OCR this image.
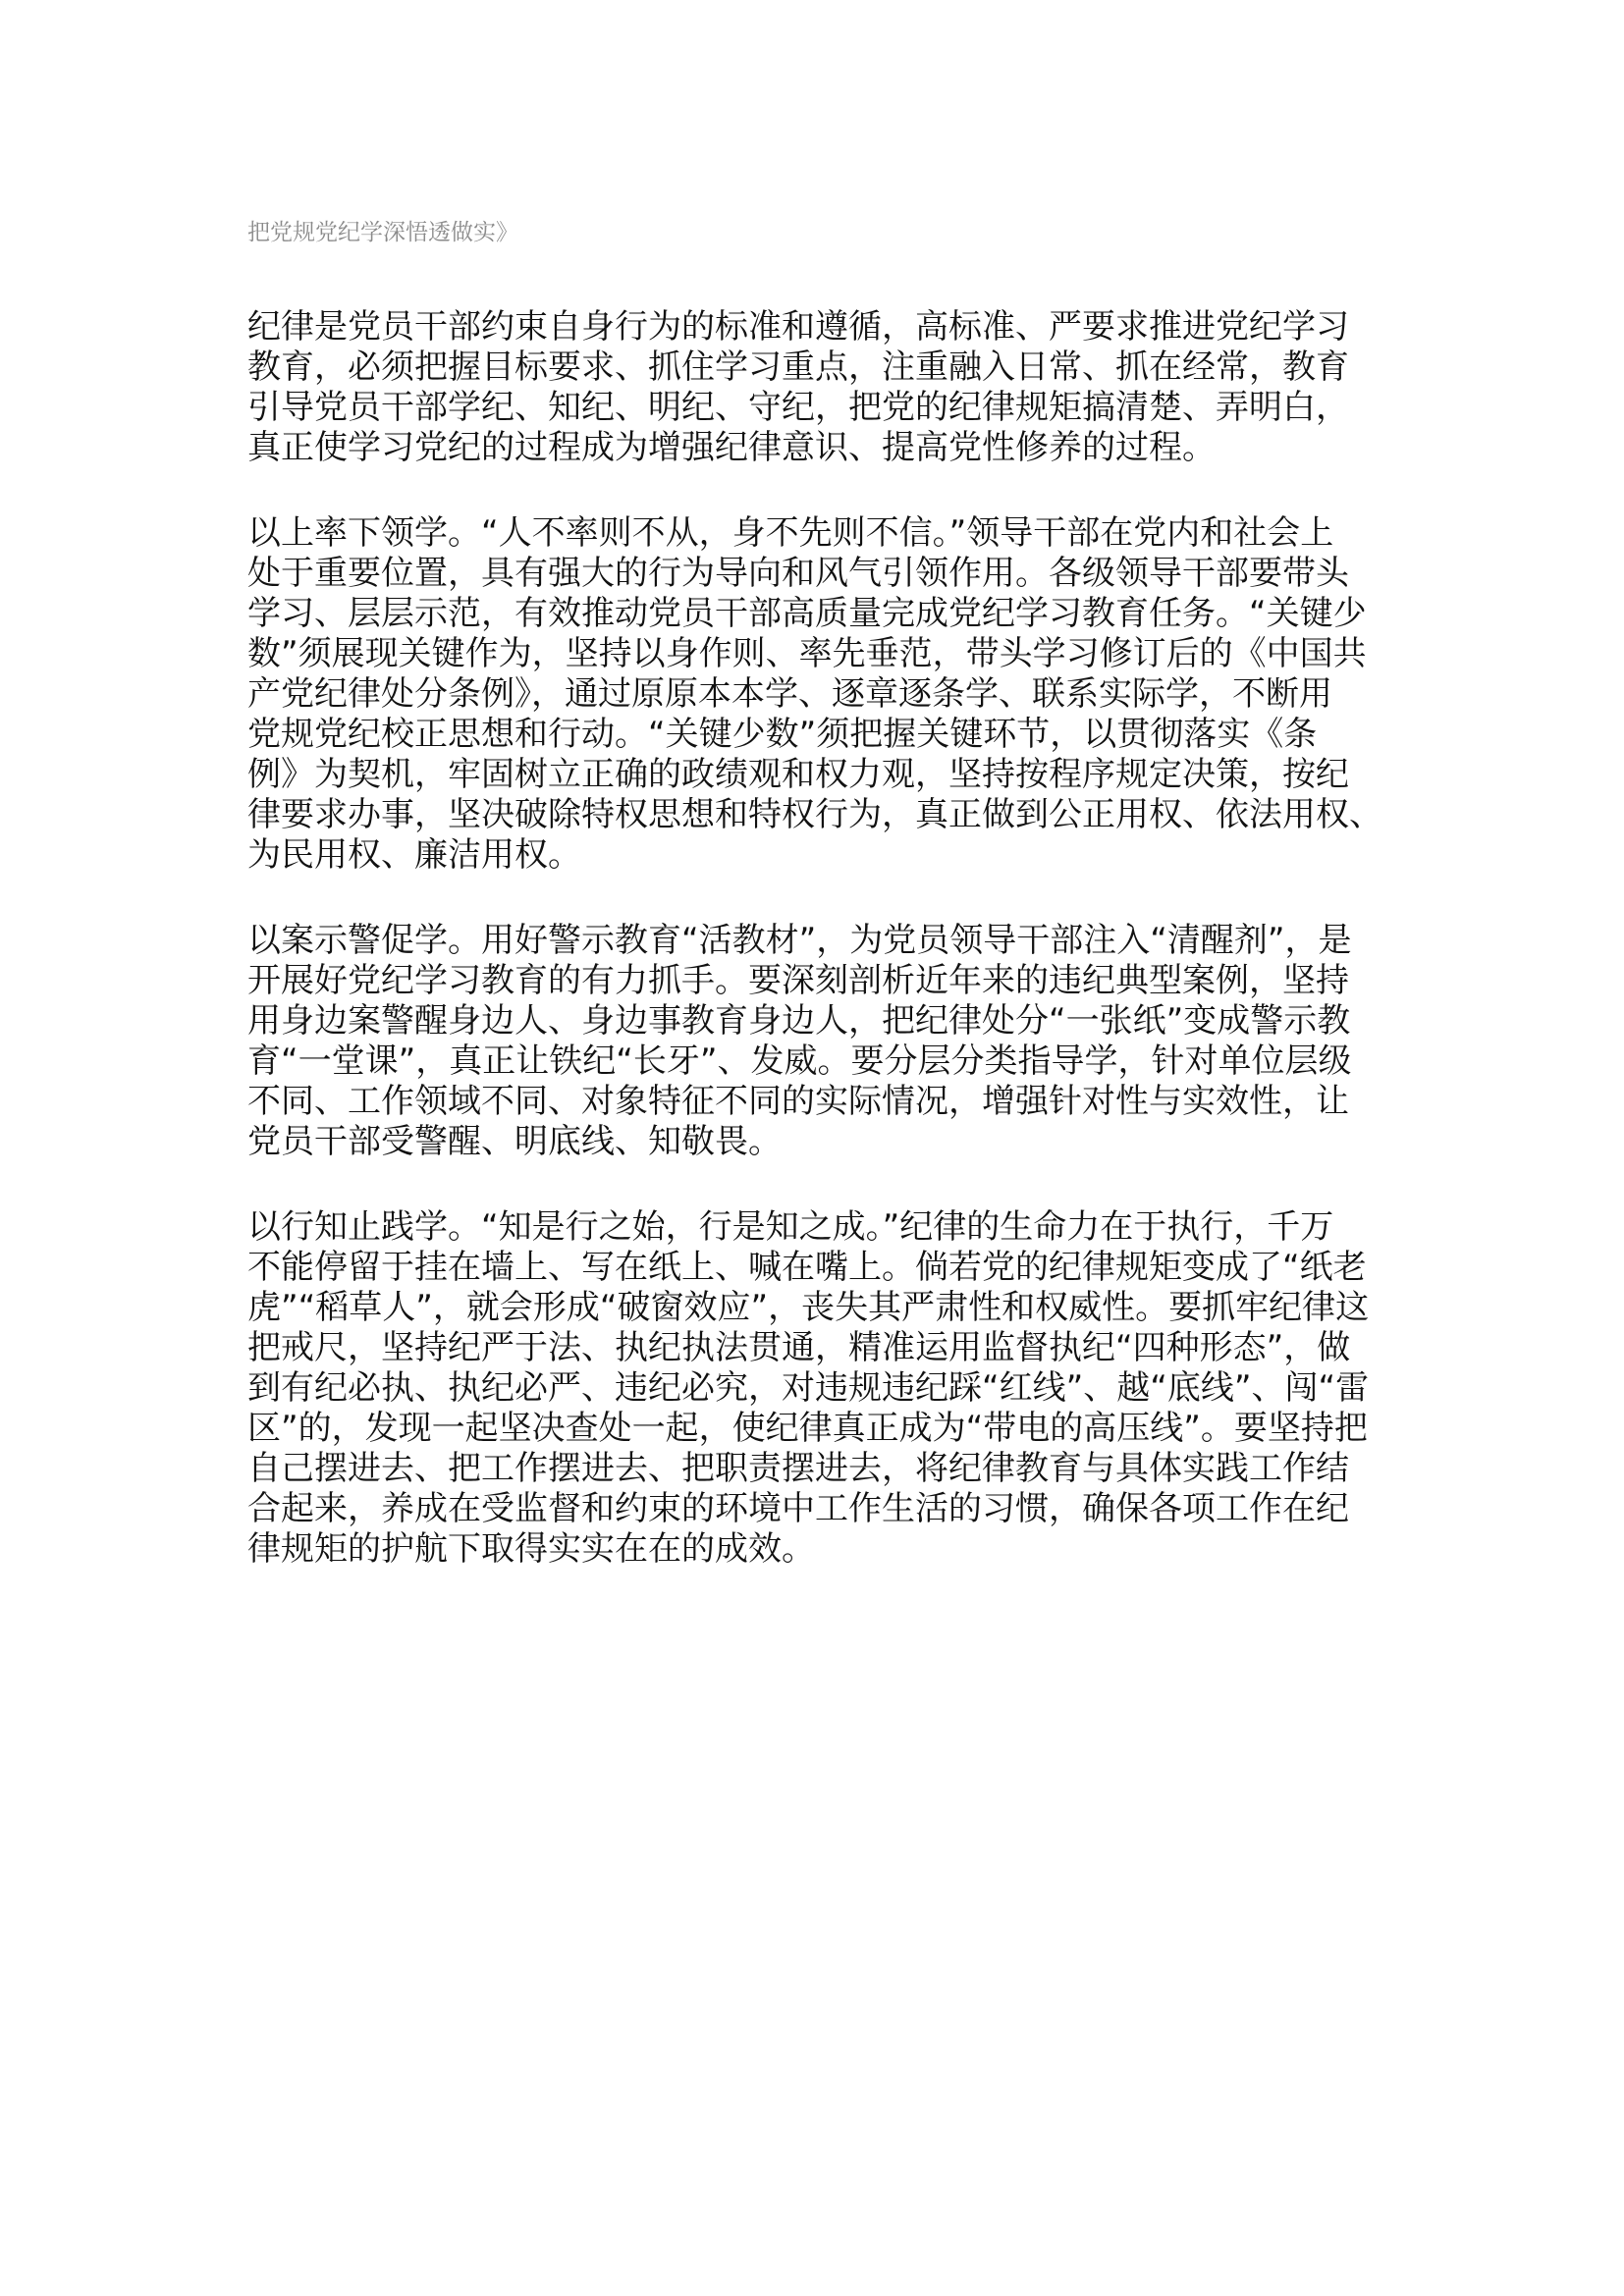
把党规党纪学深悟透做实》

纪律是党员干部约束自身行为的标准和遵循，高标准、严要求推进党纪学习
教育，必须把握目标要求、抓住学习重点，注重融入日常、抓在经常，教育
引导党员干部学纪、知纪、明纪、守纪，把党的纪律规矩搞清楚、弄明白，
真正使学习党纪的过程成为增强纪律意识、提高党性修养的过程。

以上率下领学。“人不率则不从，身不先则不信。”领导干部在党内和社会上
处于重要位置，具有强大的行为导向和风气引领作用。各级领导干部要带头
学习、层层示范，有效推动党员干部高质量完成党纪学习教育任务。“关键少
数”须展现关键作为，坚持以身作则、率先垂范，带头学习修订后的《中国共
产党纪律处分条例》，通过原原本本学、逐章逐条学、联系实际学，不断用
党规党纪校正思想和行动。“关键少数”须把握关键环节，以贯彻落实《条
例》为契机，牢固树立正确的政绩观和权力观，坚持按程序规定决策，按纪
律要求办事，坚决破除特权思想和特权行为，真正做到公正用权、依法用权、
为民用权、廉洁用权。

以案示警促学。用好警示教育“活教材”，为党员领导干部注入“清醒剂”，是
开展好党纪学习教育的有力抓手。要深刻剖析近年来的违纪典型案例，坚持
用身边案警醒身边人、身边事教育身边人，把纪律处分“一张纸”变成警示教
育“一堂课”，真正让铁纪“长牙”、发威。要分层分类指导学，针对单位层级
不同、工作领域不同、对象特征不同的实际情况，增强针对性与实效性，让
党员干部受警醒、明底线、知敬畏。

以行知止践学。“知是行之始，行是知之成。”纪律的生命力在于执行，千万
不能停留于挂在墙上、写在纸上、喊在嘴上。倘若党的纪律规矩变成了“纸老
虎”“稻草人”，就会形成“破窗效应”，丧失其严肃性和权威性。要抓牢纪律这
把戒尺，坚持纪严于法、执纪执法贯通，精准运用监督执纪“四种形态”，做
到有纪必执、执纪必严、违纪必究，对违规违纪踩“红线”、越“底线”、闯“雷
区”的，发现一起坚决查处一起，使纪律真正成为“带电的高压线”。要坚持把
自己摆进去、把工作摆进去、把职责摆进去，将纪律教育与具体实践工作结
合起来，养成在受监督和约束的环境中工作生活的习惯，确保各项工作在纪
律规矩的护航下取得实实在在的成效。
